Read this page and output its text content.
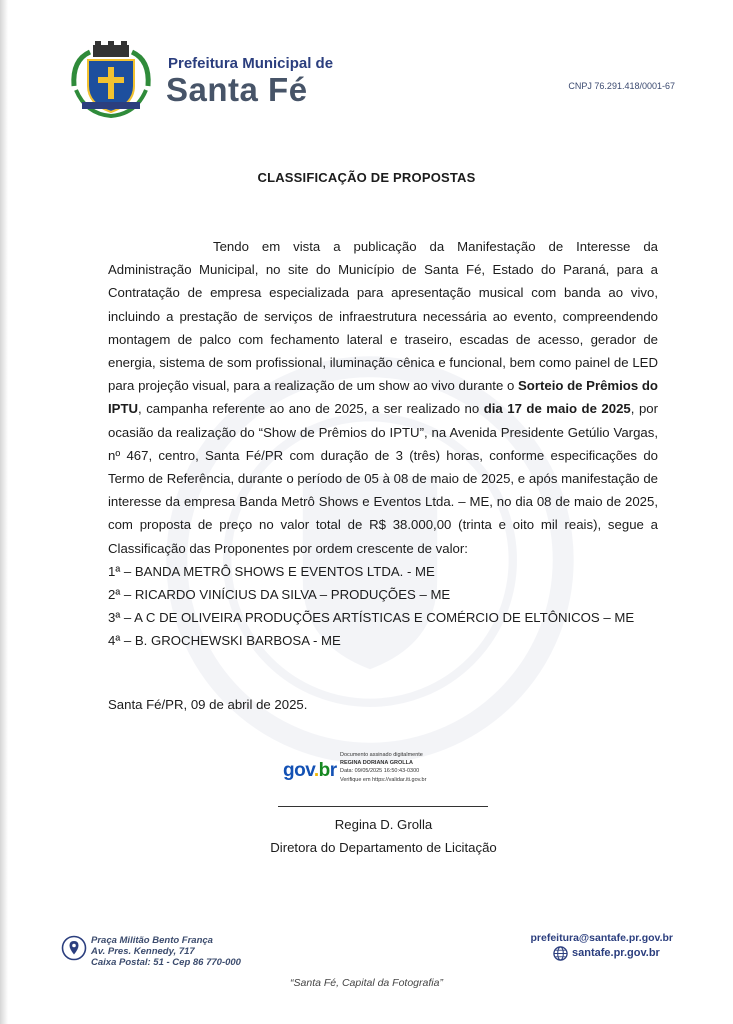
Prefeitura Municipal de
Santa Fé	CNPJ 76.291.418/0001-67
CLASSIFICAÇÃO DE PROPOSTAS

Tendo em vista a publicação da Manifestação de Interesse da Administração Municipal, no site do Município de Santa Fé, Estado do Paraná, para a Contratação de empresa especializada para apresentação musical com banda ao vivo, incluindo a prestação de serviços de infraestrutura necessária ao evento, compreendendo montagem de palco com fechamento lateral e traseiro, escadas de acesso, gerador de energia, sistema de som profissional, iluminação cênica e funcional, bem como painel de LED para projeção visual, para a realização de um show ao vivo durante o Sorteio de Prêmios do IPTU, campanha referente ao ano de 2025, a ser realizado no dia 17 de maio de 2025, por ocasião da realização do “Show de Prêmios do IPTU”, na Avenida Presidente Getúlio Vargas, nº 467, centro, Santa Fé/PR com duração de 3 (três) horas, conforme especificações do Termo de Referência, durante o período de 05 à 08 de maio de 2025, e após manifestação de interesse da empresa Banda Metrô Shows e Eventos Ltda. – ME, no dia 08 de maio de 2025, com proposta de preço no valor total de R$ 38.000,00 (trinta e oito mil reais), segue a Classificação das Proponentes por ordem crescente de valor:

1ª – BANDA METRÔ SHOWS E EVENTOS LTDA. - ME
2ª – RICARDO VINÍCIUS DA SILVA – PRODUÇÕES – ME
3ª – A C DE OLIVEIRA PRODUÇÕES ARTÍSTICAS E COMÉRCIO DE ELTÔNICOS – ME
4ª – B. GROCHEWSKI BARBOSA - ME
Santa Fé/PR, 09 de abril de 2025.
gov.br
Documento assinado digitalmente
REGINA DORIANA GROLLA
Data: 09/05/2025 16:50:43-0300
Verifique em https://validar.iti.gov.br
Regina D. Grolla
Diretora do Departamento de Licitação
Praça Militão Bento França
Av. Pres. Kennedy, 717
Caixa Postal: 51 - Cep 86 770-000
prefeitura@santafe.pr.gov.br
santafe.pr.gov.br
“Santa Fé, Capital da Fotografia”
